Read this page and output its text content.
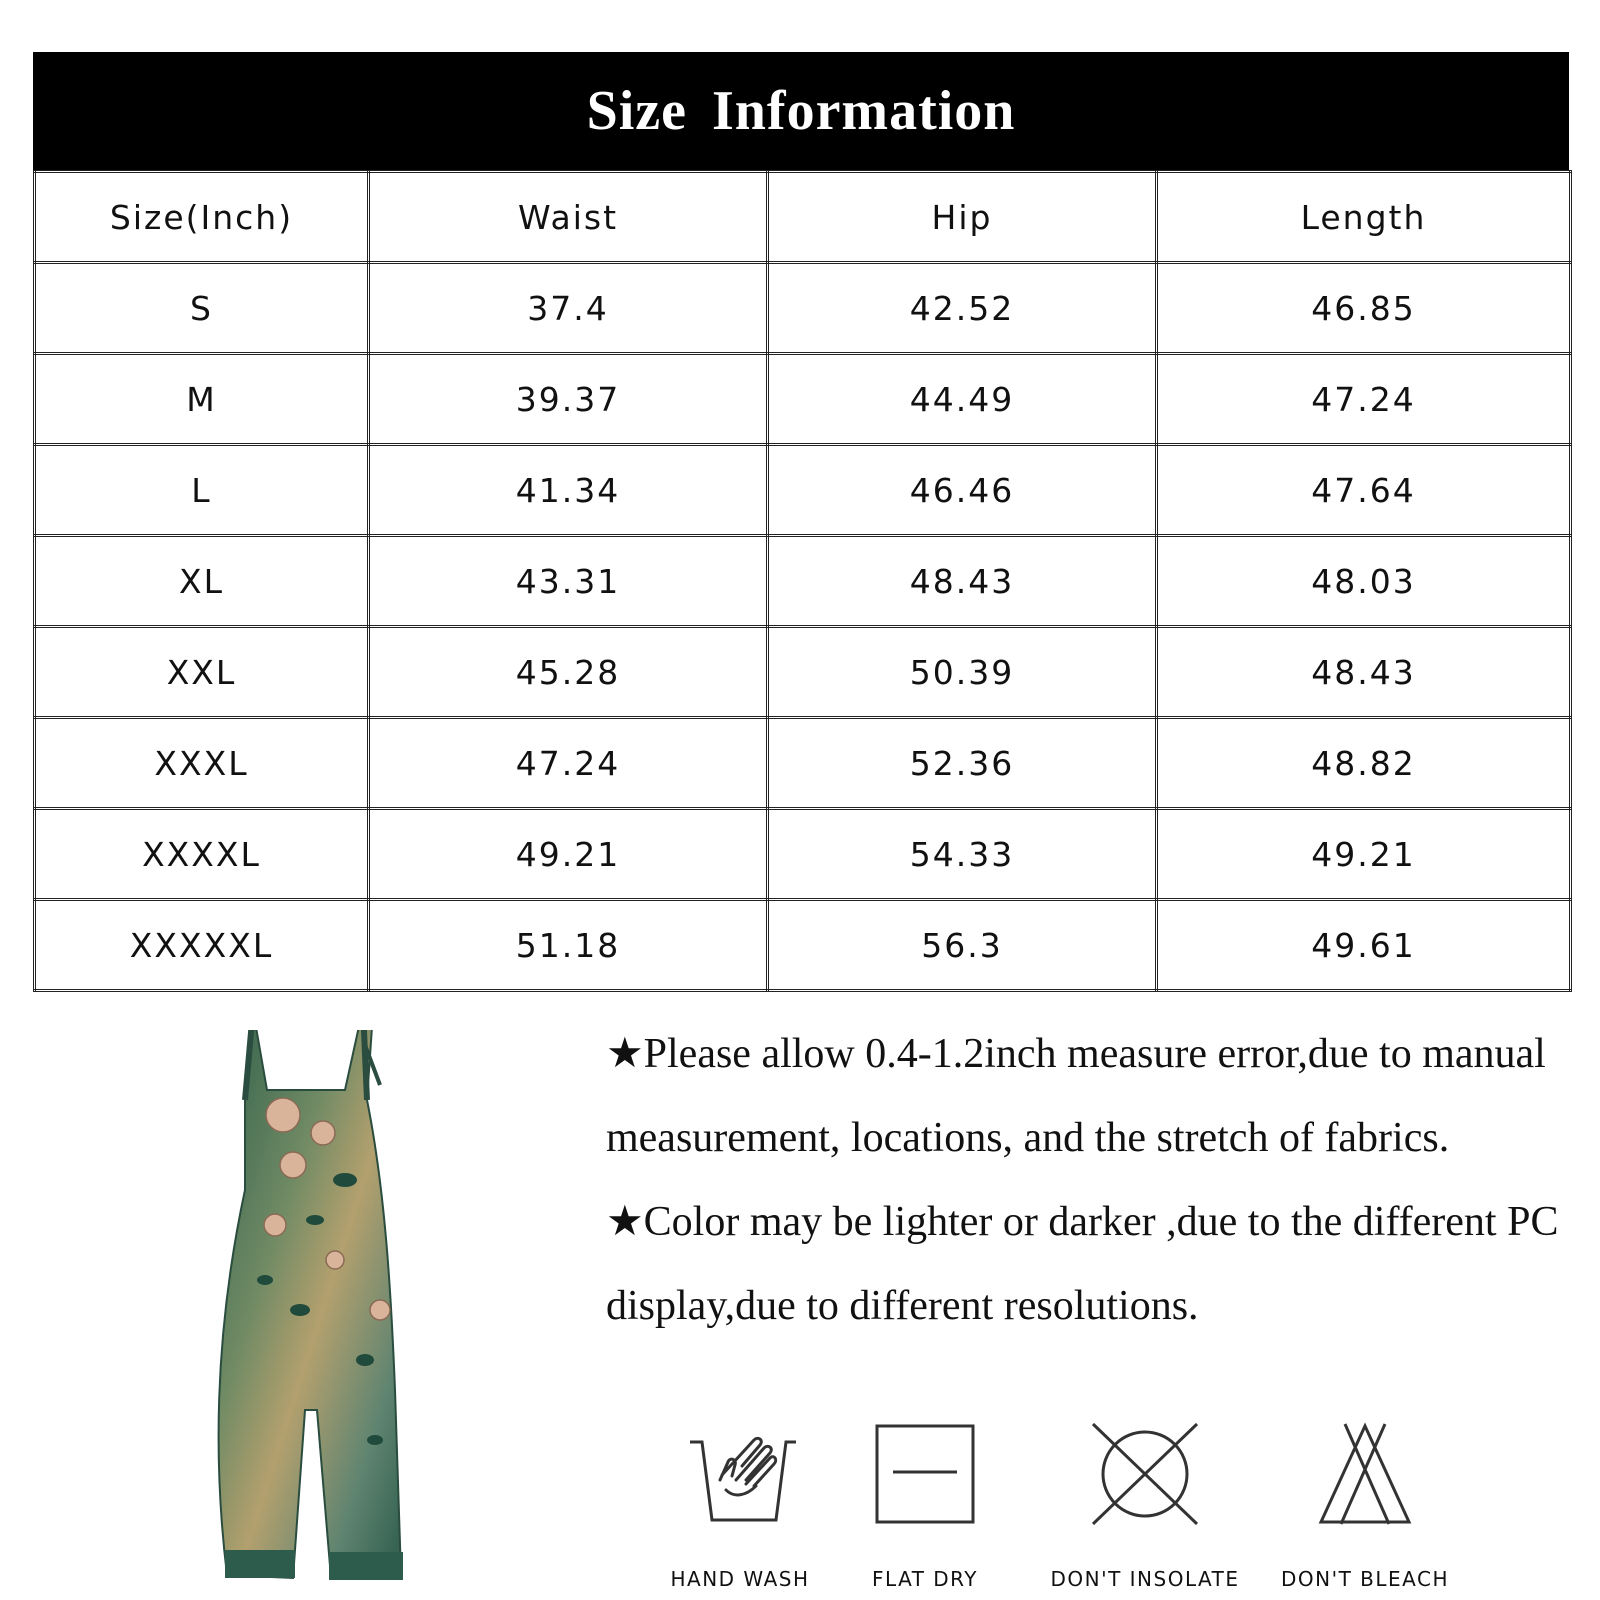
Size Information
Size(Inch)	Waist	Hip	Length
S	37.4	42.52	46.85
M	39.37	44.49	47.24
L	41.34	46.46	47.64
XL	43.31	48.43	48.03
XXL	45.28	50.39	48.43
XXXL	47.24	52.36	48.82
XXXXL	49.21	54.33	49.21
XXXXXL	51.18	56.3	49.61

★Please allow 0.4-1.2inch measure error,due to manual measurement, locations, and the stretch of fabrics.

★Color may be lighter or darker ,due to the different PC display,due to different resolutions.

HAND WASH	FLAT DRY	DON'T INSOLATE	DON'T BLEACH
